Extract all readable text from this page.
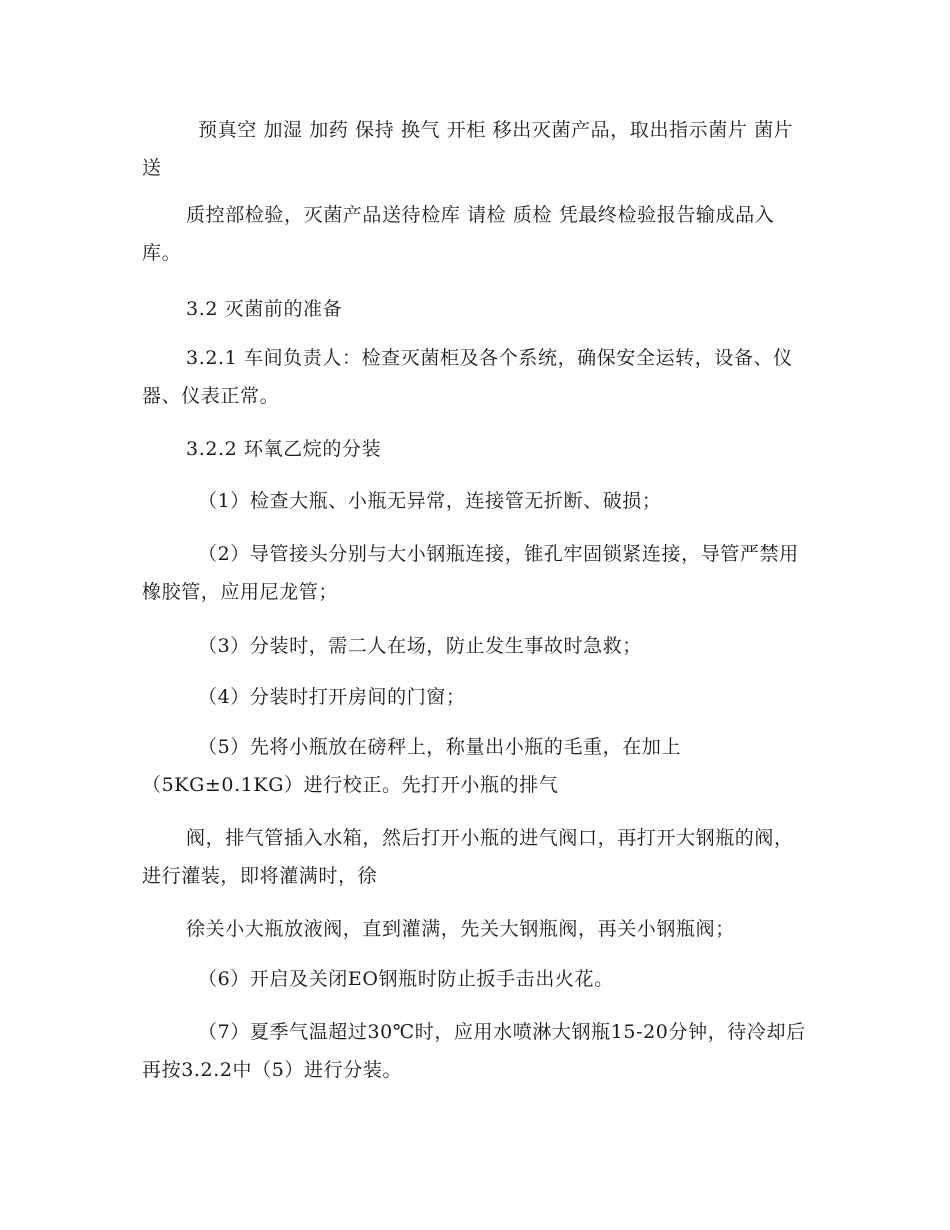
预真空 加湿 加药 保持 换气 开柜 移出灭菌产品，取出指示菌片 菌片送
质控部检验，灭菌产品送待检库 请检 质检 凭最终检验报告输成品入库。
3.2 灭菌前的准备
3.2.1 车间负责人：检查灭菌柜及各个系统，确保安全运转，设备、仪器、仪表正常。
3.2.2 环氧乙烷的分装
（1）检查大瓶、小瓶无异常，连接管无折断、破损；
（2）导管接头分别与大小钢瓶连接，锥孔牢固锁紧连接，导管严禁用橡胶管，应用尼龙管；
（3）分装时，需二人在场，防止发生事故时急救；
（4）分装时打开房间的门窗；
（5）先将小瓶放在磅秤上，称量出小瓶的毛重，在加上
（5KG±0.1KG）进行校正。先打开小瓶的排气
阀，排气管插入水箱，然后打开小瓶的进气阀口，再打开大钢瓶的阀，进行灌装，即将灌满时，徐
徐关小大瓶放液阀，直到灌满，先关大钢瓶阀，再关小钢瓶阀；
（6）开启及关闭EO钢瓶时防止扳手击出火花。
（7）夏季气温超过30℃时，应用水喷淋大钢瓶15-20分钟，待冷却后再按3.2.2中（5）进行分装。
